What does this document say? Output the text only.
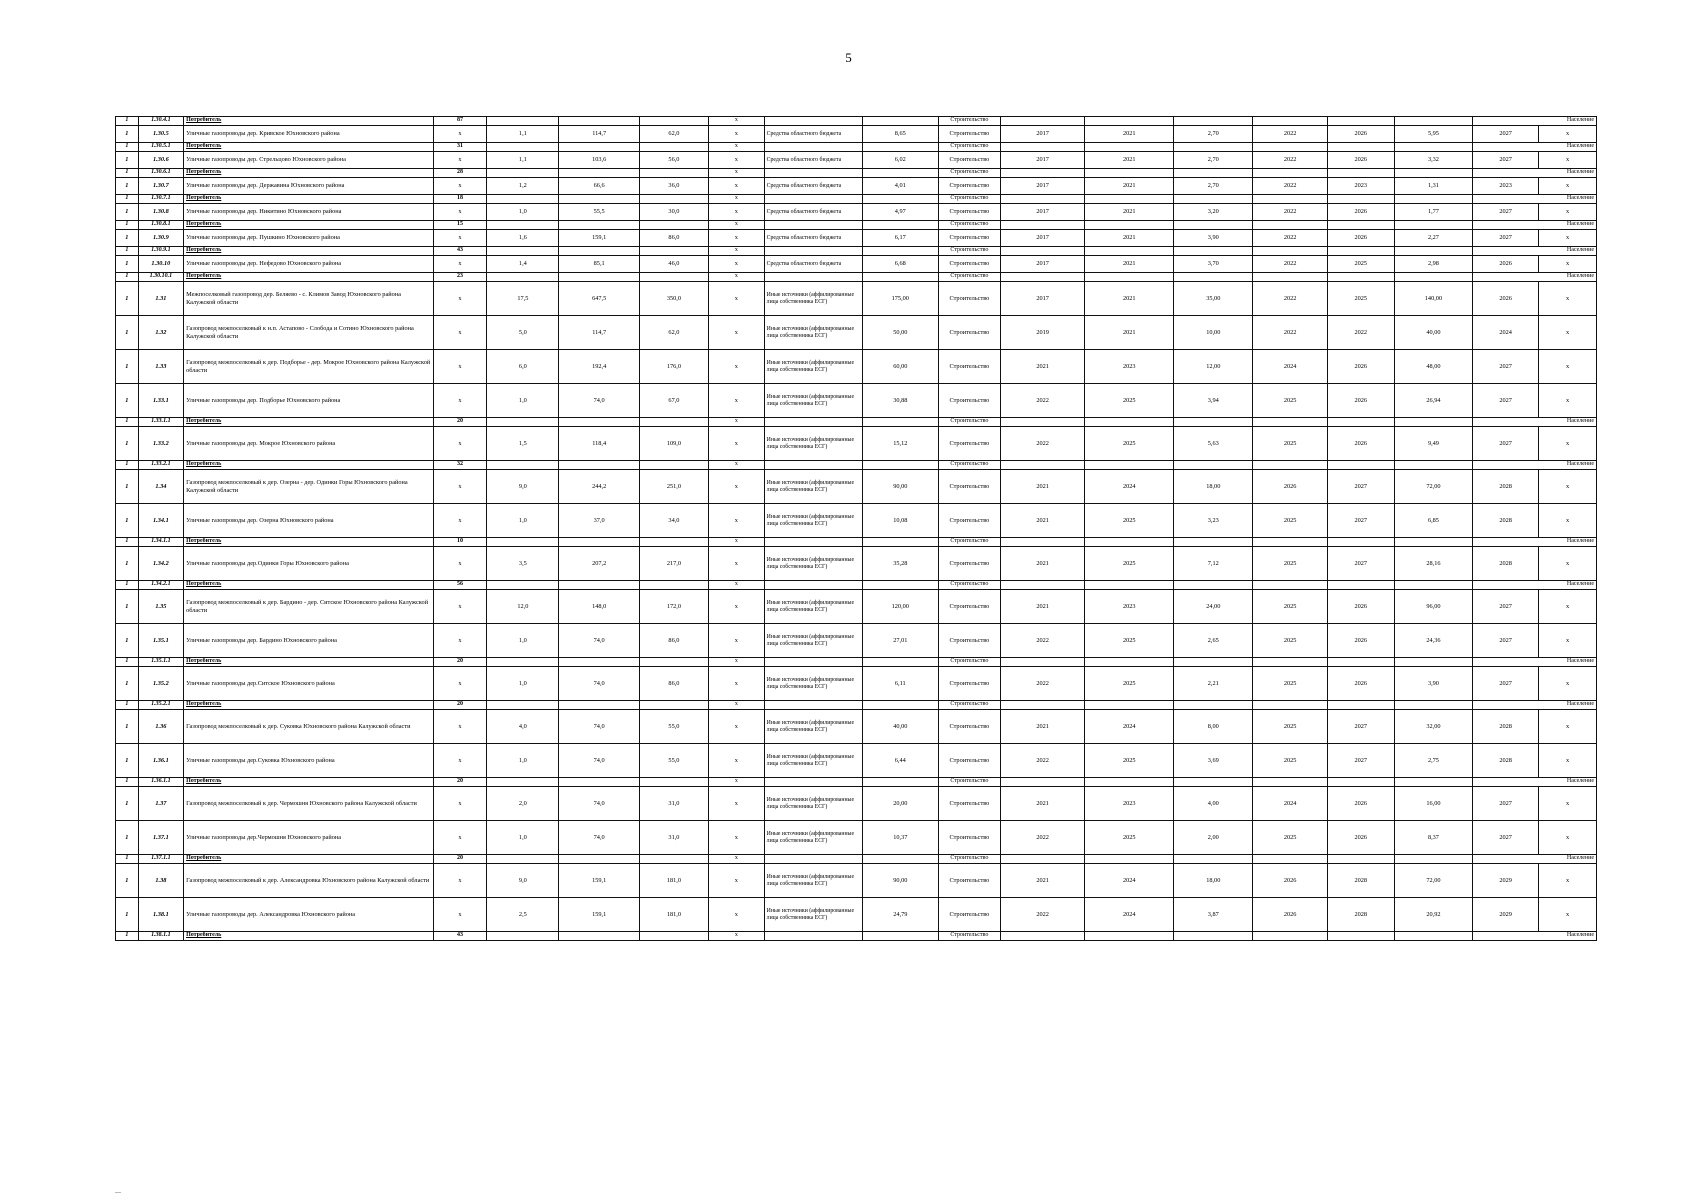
5
1	1.30.4.1	Потребитель	87				x			Строительство							Население	
1	1.30.5	Уличные газопроводы дер. Кривское Юхновского района	x	1,1	114,7	62,0	x	Средства областного бюджета	8,65	Строительство	2017	2021	2,70	2022	2026	5,95	2027	x
1	1.30.5.1	Потребитель	31				x			Строительство							Население	
1	1.30.6	Уличные газопроводы дер. Стрельцово Юхновского района	x	1,1	103,6	56,0	x	Средства областного бюджета	6,02	Строительство	2017	2021	2,70	2022	2026	3,32	2027	x
1	1.30.6.1	Потребитель	28				x			Строительство							Население	
1	1.30.7	Уличные газопроводы дер. Державина Юхновского района	x	1,2	66,6	36,0	x	Средства областного бюджета	4,01	Строительство	2017	2021	2,70	2022	2023	1,31	2023	x
1	1.30.7.1	Потребитель	18				x			Строительство							Население	
1	1.30.8	Уличные газопроводы дер. Никитино Юхновского района	x	1,0	55,5	30,0	x	Средства областного бюджета	4,97	Строительство	2017	2021	3,20	2022	2026	1,77	2027	x
1	1.30.8.1	Потребитель	15				x			Строительство							Население	
1	1.30.9	Уличные газопроводы дер. Пушкино Юхновского района	x	1,6	159,1	86,0	x	Средства областного бюджета	6,17	Строительство	2017	2021	3,90	2022	2026	2,27	2027	x
1	1.30.9.1	Потребитель	43				x			Строительство							Население	
1	1.30.10	Уличные газопроводы дер. Нефедово Юхновского района	x	1,4	85,1	46,0	x	Средства областного бюджета	6,68	Строительство	2017	2021	3,70	2022	2025	2,98	2026	x
1	1.30.10.1	Потребитель	23				x			Строительство							Население	
1	1.31	Межпоселковый газопровод дер. Беляево - с. Климов Завод Юхновского района Калужской области	x	17,5	647,5	350,0	x	Иные источники (аффилированные лица собственника ЕСГ)	175,00	Строительство	2017	2021	35,00	2022	2025	140,00	2026	x
1	1.32	Газопровод межпоселковый к н.п. Астапово - Слобода и Сотино Юхновского района Калужской области	x	5,0	114,7	62,0	x	Иные источники (аффилированные лица собственника ЕСГ)	50,00	Строительство	2019	2021	10,00	2022	2022	40,00	2024	x
1	1.33	Газопровод межпоселковый к дер. Подборье - дер. Мокрое Юхновского района Калужской области	x	6,0	192,4	176,0	x	Иные источники (аффилированные лица собственника ЕСГ)	60,00	Строительство	2021	2023	12,00	2024	2026	48,00	2027	x
1	1.33.1	Уличные газопроводы дер. Подборье Юхновского района	x	1,0	74,0	67,0	x	Иные источники (аффилированные лица собственника ЕСГ)	30,88	Строительство	2022	2025	3,94	2025	2026	26,94	2027	x
1	1.33.1.1	Потребитель	20				x			Строительство							Население	
1	1.33.2	Уличные газопроводы дер. Мокрое Юхновского района	x	1,5	118,4	109,0	x	Иные источники (аффилированные лица собственника ЕСГ)	15,12	Строительство	2022	2025	5,63	2025	2026	9,49	2027	x
1	1.33.2.1	Потребитель	32				x			Строительство							Население	
1	1.34	Газопровод межпоселковый к дер. Озерна - дер. Одинки Горы Юхновского района Калужской области	x	9,0	244,2	251,0	x	Иные источники (аффилированные лица собственника ЕСГ)	90,00	Строительство	2021	2024	18,00	2026	2027	72,00	2028	x
1	1.34.1	Уличные газопроводы дер. Озерна Юхновского района	x	1,0	37,0	34,0	x	Иные источники (аффилированные лица собственника ЕСГ)	10,08	Строительство	2021	2025	3,23	2025	2027	6,85	2028	x
1	1.34.1.1	Потребитель	10				x			Строительство							Население	
1	1.34.2	Уличные газопроводы дер.Одинки Горы Юхновского района	x	3,5	207,2	217,0	x	Иные источники (аффилированные лица собственника ЕСГ)	35,28	Строительство	2021	2025	7,12	2025	2027	28,16	2028	x
1	1.34.2.1	Потребитель	56				x			Строительство							Население	
1	1.35	Газопровод межпоселковый к дер. Бардино - дер. Ситское Юхновского района Калужской области	x	12,0	148,0	172,0	x	Иные источники (аффилированные лица собственника ЕСГ)	120,00	Строительство	2021	2023	24,00	2025	2026	96,00	2027	x
1	1.35.1	Уличные газопроводы дер. Бардино Юхновского района	x	1,0	74,0	86,0	x	Иные источники (аффилированные лица собственника ЕСГ)	27,01	Строительство	2022	2025	2,65	2025	2026	24,36	2027	x
1	1.35.1.1	Потребитель	20				x			Строительство							Население	
1	1.35.2	Уличные газопроводы дер.Ситское Юхновского района	x	1,0	74,0	86,0	x	Иные источники (аффилированные лица собственника ЕСГ)	6,11	Строительство	2022	2025	2,21	2025	2026	3,90	2027	x
1	1.35.2.1	Потребитель	20				x			Строительство							Население	
1	1.36	Газопровод межпоселковый к дер. Суковка Юхновского района Калужской области	x	4,0	74,0	55,0	x	Иные источники (аффилированные лица собственника ЕСГ)	40,00	Строительство	2021	2024	8,00	2025	2027	32,00	2028	x
1	1.36.1	Уличные газопроводы дер.Суковка Юхновского района	x	1,0	74,0	55,0	x	Иные источники (аффилированные лица собственника ЕСГ)	6,44	Строительство	2022	2025	3,69	2025	2027	2,75	2028	x
1	1.36.1.1	Потребитель	20				x			Строительство							Население	
1	1.37	Газопровод межпоселковый к дер. Чермошня Юхновского района Калужской области	x	2,0	74,0	31,0	x	Иные источники (аффилированные лица собственника ЕСГ)	20,00	Строительство	2021	2023	4,00	2024	2026	16,00	2027	x
1	1.37.1	Уличные газопроводы дер.Чермошня Юхновского района	x	1,0	74,0	31,0	x	Иные источники (аффилированные лица собственника ЕСГ)	10,37	Строительство	2022	2025	2,00	2025	2026	8,37	2027	x
1	1.37.1.1	Потребитель	20				x			Строительство							Население	
1	1.38	Газопровод межпоселковый к дер. Александровка Юхновского района Калужской области	x	9,0	159,1	181,0	x	Иные источники (аффилированные лица собственника ЕСГ)	90,00	Строительство	2021	2024	18,00	2026	2028	72,00	2029	x
1	1.38.1	Уличные газопроводы дер. Александровка Юхновского района	x	2,5	159,1	181,0	x	Иные источники (аффилированные лица собственника ЕСГ)	24,79	Строительство	2022	2024	3,87	2026	2028	20,92	2029	x
1	1.38.1.1	Потребитель	43				x			Строительство							Население	
